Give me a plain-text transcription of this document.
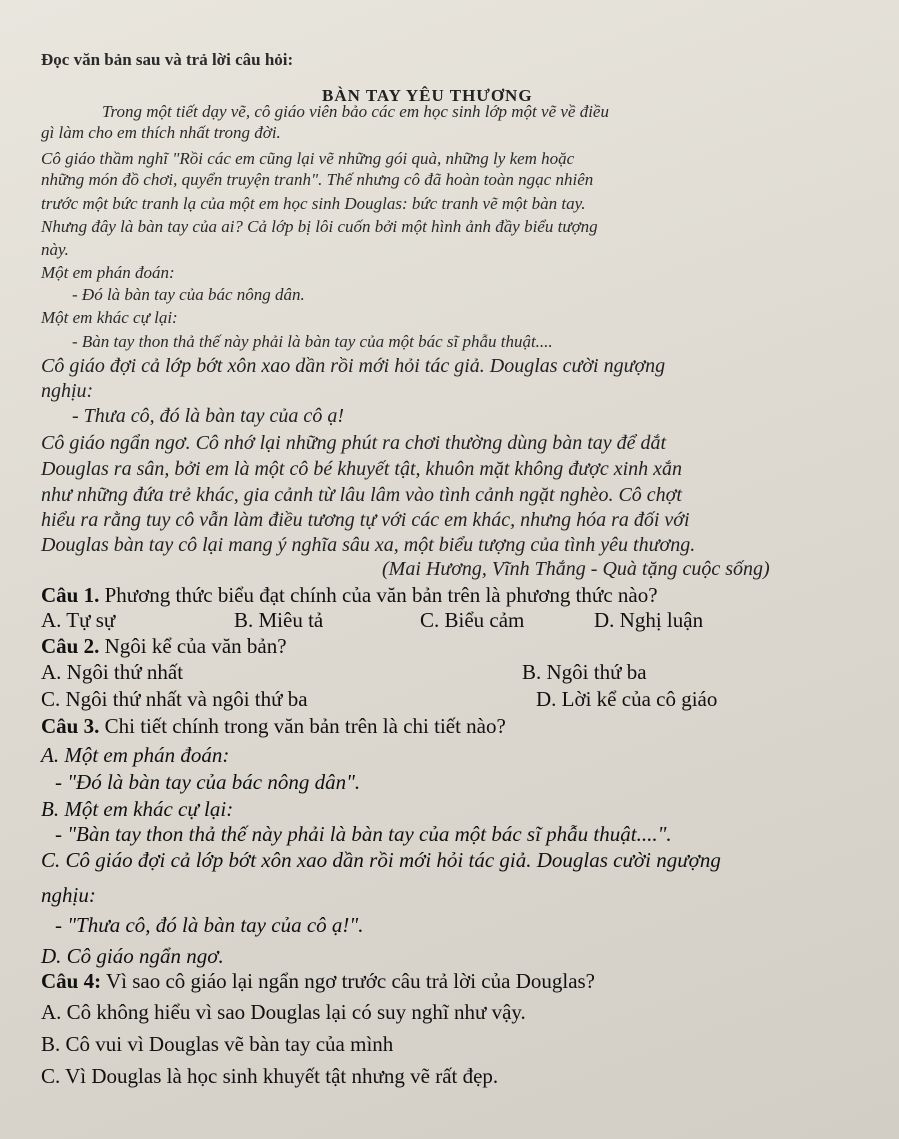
Đọc văn bản sau và trả lời câu hỏi:

BÀN TAY YÊU THƯƠNG

Trong một tiết dạy vẽ, cô giáo viên bảo các em học sinh lớp một vẽ về điều

gì làm cho em thích nhất trong đời.

Cô giáo thầm nghĩ "Rồi các em cũng lại vẽ những gói quà, những ly kem hoặc

những món đồ chơi, quyển truyện tranh". Thế nhưng cô đã hoàn toàn ngạc nhiên

trước một bức tranh lạ của một em học sinh Douglas: bức tranh vẽ một bàn tay.

Nhưng đây là bàn tay của ai? Cả lớp bị lôi cuốn bởi một hình ảnh đầy biểu tượng

này.

Một em phán đoán:

- Đó là bàn tay của bác nông dân.

Một em khác cự lại:

- Bàn tay thon thả thế này phải là bàn tay của một bác sĩ phẫu thuật....

Cô giáo đợi cả lớp bớt xôn xao dần rồi mới hỏi tác giả. Douglas cười ngượng

nghịu:

- Thưa cô, đó là bàn tay của cô ạ!

Cô giáo ngẩn ngơ. Cô nhớ lại những phút ra chơi thường dùng bàn tay để dắt

Douglas ra sân, bởi em là một cô bé khuyết tật, khuôn mặt không được xinh xắn

như những đứa trẻ khác, gia cảnh từ lâu lâm vào tình cảnh ngặt nghèo. Cô chợt

hiểu ra rằng tuy cô vẫn làm điều tương tự với các em khác, nhưng hóa ra đối với

Douglas bàn tay cô lại mang ý nghĩa sâu xa, một biểu tượng của tình yêu thương.

(Mai Hương, Vĩnh Thắng - Quà tặng cuộc sống)

Câu 1. Phương thức biểu đạt chính của văn bản trên là phương thức nào?

A. Tự sự	B. Miêu tả	C. Biểu cảm	D. Nghị luận

Câu 2. Ngôi kể của văn bản?

A. Ngôi thứ nhất	B. Ngôi thứ ba

C. Ngôi thứ nhất và ngôi thứ ba	D. Lời kể của cô giáo

Câu 3. Chi tiết chính trong văn bản trên là chi tiết nào?

A. Một em phán đoán:

- "Đó là bàn tay của bác nông dân".

B. Một em khác cự lại:

- "Bàn tay thon thả thế này phải là bàn tay của một bác sĩ phẫu thuật....".

C. Cô giáo đợi cả lớp bớt xôn xao dần rồi mới hỏi tác giả. Douglas cười ngượng

nghịu:

- "Thưa cô, đó là bàn tay của cô ạ!".

D. Cô giáo ngẩn ngơ.

Câu 4: Vì sao cô giáo lại ngẩn ngơ trước câu trả lời của Douglas?

A. Cô không hiểu vì sao Douglas lại có suy nghĩ như vậy.

B. Cô vui vì Douglas vẽ bàn tay của mình

C. Vì Douglas là học sinh khuyết tật nhưng vẽ rất đẹp.
